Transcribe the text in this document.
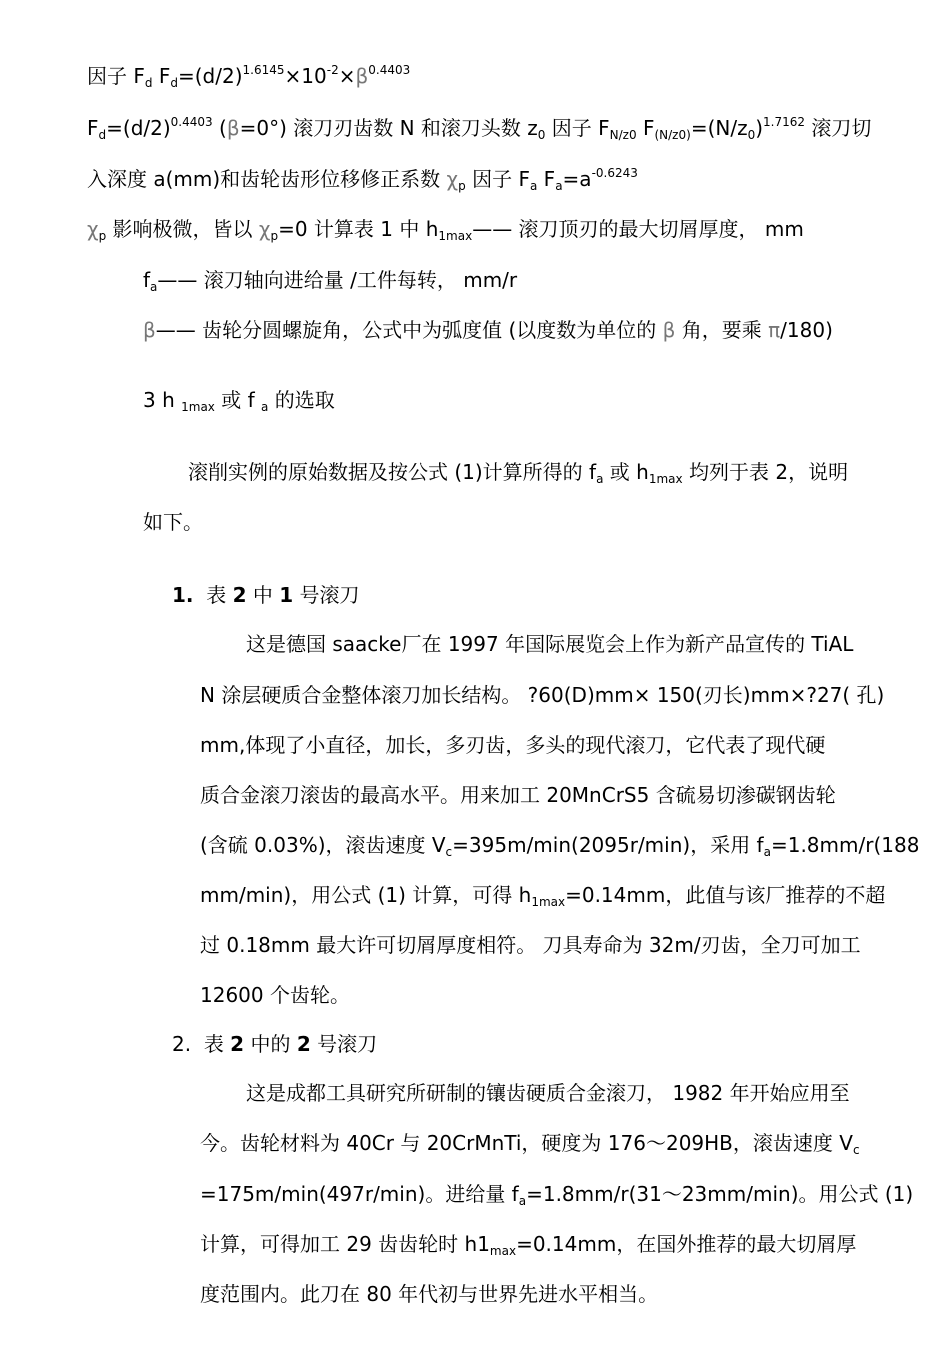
因子 $F_d$ $F_d=(d/2)^{1.6145}\times 10^{-2}\times\beta^{0.4403}$
$F_d=(d/2)^{0.4403}$ (β=0°) 滚刀刃齿数 N 和滚刀头数 $z_0$ 因子 $F_{N/z0}$ $F_{(N/z0)}=(N/z_0)^{1.7162}$ 滚刀切
入深度 a(mm)和齿轮齿形位移修正系数 $\chi_p$ 因子 $F_a$ $F_a=a^{-0.6243}$
$\chi_p$ 影响极微，皆以 $\chi_p=0$ 计算表 1 中 $h_{1max}——$ 滚刀顶刃的最大切屑厚度， mm
$f_a——$ 滚刀轴向进给量 /工件每转， mm/r
β—— 齿轮分圆螺旋角，公式中为弧度值 (以度数为单位的 β 角，要乘 π/180)
3 h $_{1max}$ 或 f $_a$ 的选取
滚削实例的原始数据及按公式 (1)计算所得的 $f_a$ 或 $h_{1max}$ 均列于表 2，说明
如下。
1. 表 2 中 1 号滚刀
这是德国 saacke厂在 1997 年国际展览会上作为新产品宣传的 TiAL
N 涂层硬质合金整体滚刀加长结构。 ?60(D)mm× 150(刃长)mm×?27( 孔)
mm,体现了小直径，加长，多刃齿，多头的现代滚刀，它代表了现代硬
质合金滚刀滚齿的最高水平。用来加工 20MnCrS5 含硫易切渗碳钢齿轮
(含硫 0.03%)，滚齿速度 $V_c=395m/\min(2095r/\min)$，采用 $f_a=1.8mm/r(188$
mm/min)，用公式 (1) 计算，可得 $h_{1max}=0.14mm$，此值与该厂推荐的不超
过 0.18mm 最大许可切屑厚度相符。 刀具寿命为 32m/刃齿，全刀可加工
12600 个齿轮。
2. 表 2 中的 2 号滚刀
这是成都工具研究所研制的镶齿硬质合金滚刀， 1982 年开始应用至
今。齿轮材料为 40Cr 与 20CrMnTi，硬度为 176～209HB，滚齿速度 $V_c$
=175m/min(497r/min)。进给量 $f_a=1.8mm/r(31\sim 23mm/\min)$。用公式 (1)
计算，可得加工 29 齿齿轮时 $h1_{max}=0.14mm$，在国外推荐的最大切屑厚
度范围内。此刀在 80 年代初与世界先进水平相当。
